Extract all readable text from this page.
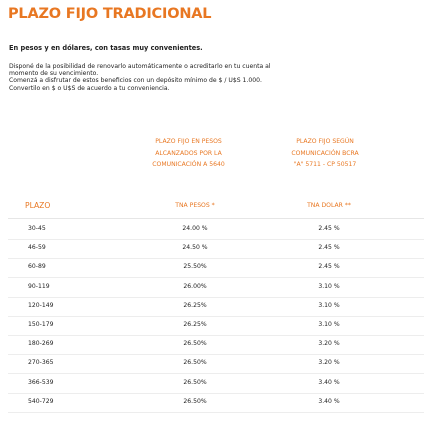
PLAZO FIJO TRADICIONAL
En pesos y en dólares, con tasas muy convenientes.
Disponé de la posibilidad de renovarlo automáticamente o acreditarlo en tu cuenta al
momento de su vencimiento.
Comenzá a disfrutar de estos beneficios con un depósito mínimo de $ / U$S 1.000.
Convertilo en $ o U$S de acuerdo a tu conveniencia.
PLAZO FIJO EN PESOS
ALCANZADOS POR LA
COMUNICACIÓN A 5640
PLAZO FIJO SEGÚN
COMUNICACIÓN BCRA
"A" 5711 - CP 50517
PLAZO	TNA PESOS *	TNA DOLAR **
30-45	24.00 %	2.45 %
46-59	24.50 %	2.45 %
60-89	25.50%	2.45 %
90-119	26.00%	3.10 %
120-149	26.25%	3.10 %
150-179	26.25%	3.10 %
180-269	26.50%	3.20 %
270-365	26.50%	3.20 %
366-539	26.50%	3.40 %
540-729	26.50%	3.40 %
